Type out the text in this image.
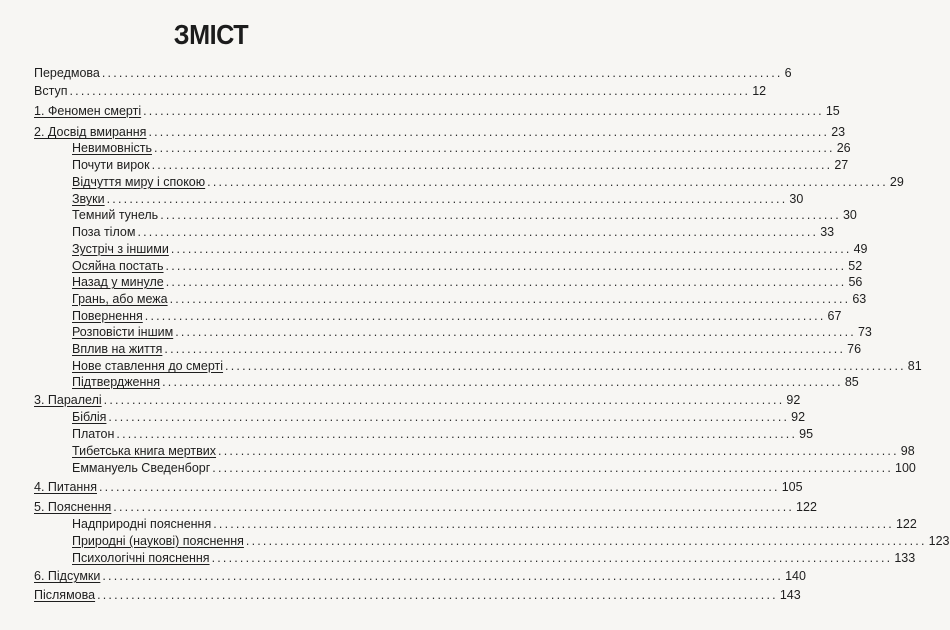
ЗМІСТ
Передмова ........................................................................................................................ 6
Вступ ........................................................................................................................ 12
1. Феномен смерті ........................................................................................................................ 15
2. Досвід вмирання ........................................................................................................................ 23
Невимовність ........................................................................................................................ 26
Почути вирок ........................................................................................................................ 27
Відчуття миру і спокою ........................................................................................................................ 29
Звуки ........................................................................................................................ 30
Темний тунель ........................................................................................................................ 30
Поза тілом ........................................................................................................................ 33
Зустріч з іншими ........................................................................................................................ 49
Осяйна постать ........................................................................................................................ 52
Назад у минуле ........................................................................................................................ 56
Грань, або межа ........................................................................................................................ 63
Повернення ........................................................................................................................ 67
Розповісти іншим ........................................................................................................................ 73
Вплив на життя ........................................................................................................................ 76
Нове ставлення до смерті ........................................................................................................................ 81
Підтвердження ........................................................................................................................ 85
3. Паралелі ........................................................................................................................ 92
Біблія ........................................................................................................................ 92
Платон ........................................................................................................................ 95
Тибетська книга мертвих ........................................................................................................................ 98
Еммануель Сведенборг ........................................................................................................................ 100
4. Питання ........................................................................................................................ 105
5. Пояснення ........................................................................................................................ 122
Надприродні пояснення ........................................................................................................................ 122
Природні (наукові) пояснення ........................................................................................................................ 123
Психологічні пояснення ........................................................................................................................ 133
6. Підсумки ........................................................................................................................ 140
Післямова ........................................................................................................................ 143
